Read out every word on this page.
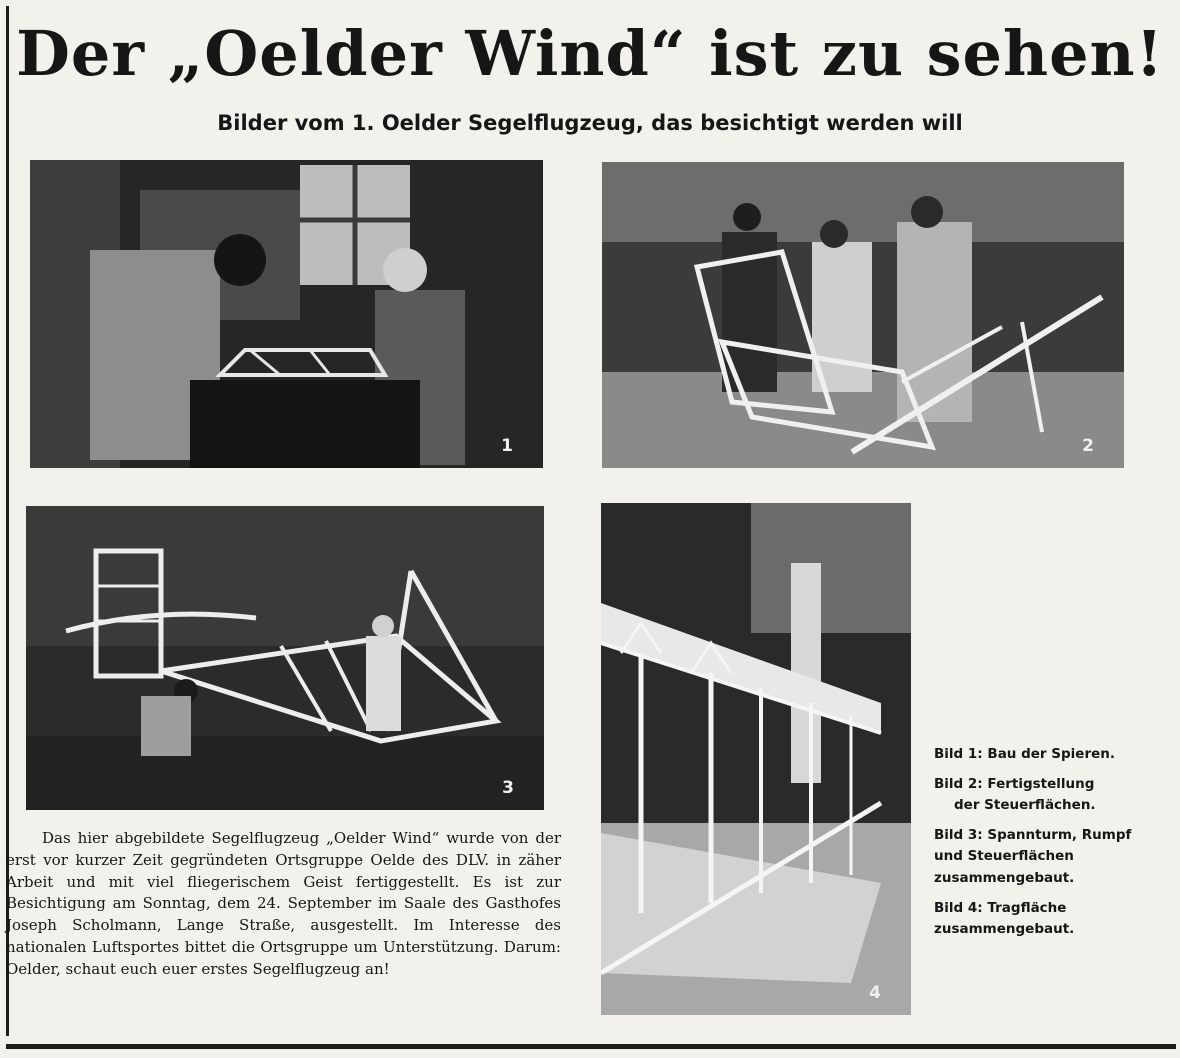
Der „Oelder Wind“ ist zu sehen!
Bilder vom 1. Oelder Segelflugzeug, das besichtigt werden will
1	2
3
4

Das hier abgebildete Segelflugzeug „Oelder Wind“ wurde von der erst vor kurzer Zeit gegründeten Ortsgruppe Oelde des DLV. in zäher Arbeit und mit viel fliegerischem Geist fertiggestellt. Es ist zur Besichtigung am Sonntag, dem 24. September im Saale des Gasthofes Joseph Scholmann, Lange Straße, ausgestellt. Im Interesse des nationalen Luftsportes bittet die Ortsgruppe um Unterstützung. Darum: Oelder, schaut euch euer erstes Segelflugzeug an!

Bild 1: Bau der Spieren.
Bild 2: Fertigstellung
der Steuerflächen.
Bild 3: Spannturm, Rumpf und Steuerflächen zusammengebaut.
Bild 4: Tragfläche zusammengebaut.
